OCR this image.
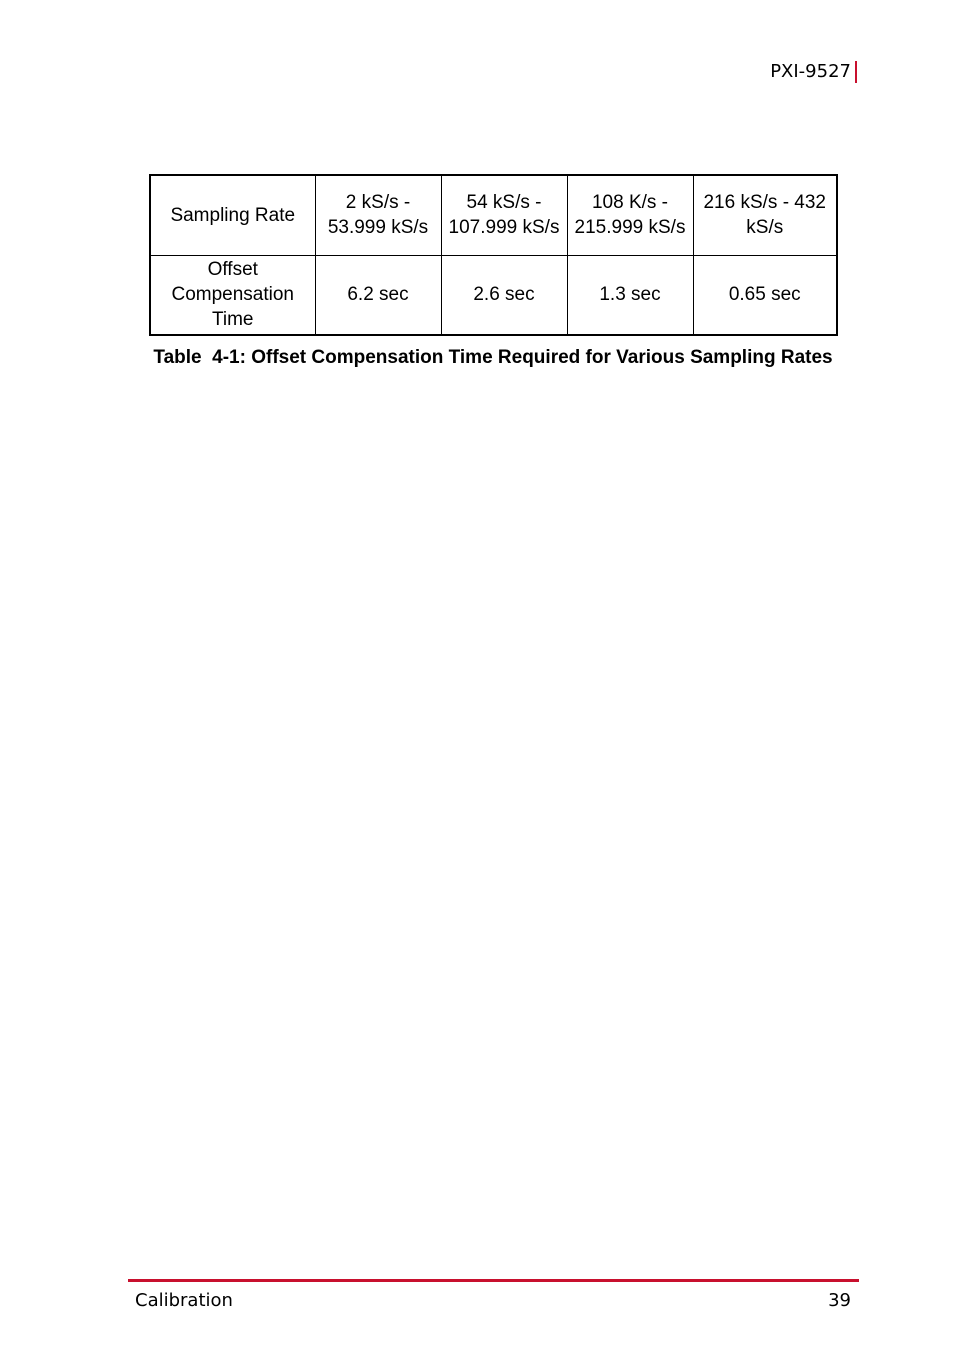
PXI-9527
Sampling Rate	2 kS/s - 53.999 kS/s	54 kS/s - 107.999 kS/s	108 K/s - 215.999 kS/s	216 kS/s - 432 kS/s
Offset Compensation Time	6.2 sec	2.6 sec	1.3 sec	0.65 sec
Table  4-1: Offset Compensation Time Required for Various Sampling Rates
Calibration	39
